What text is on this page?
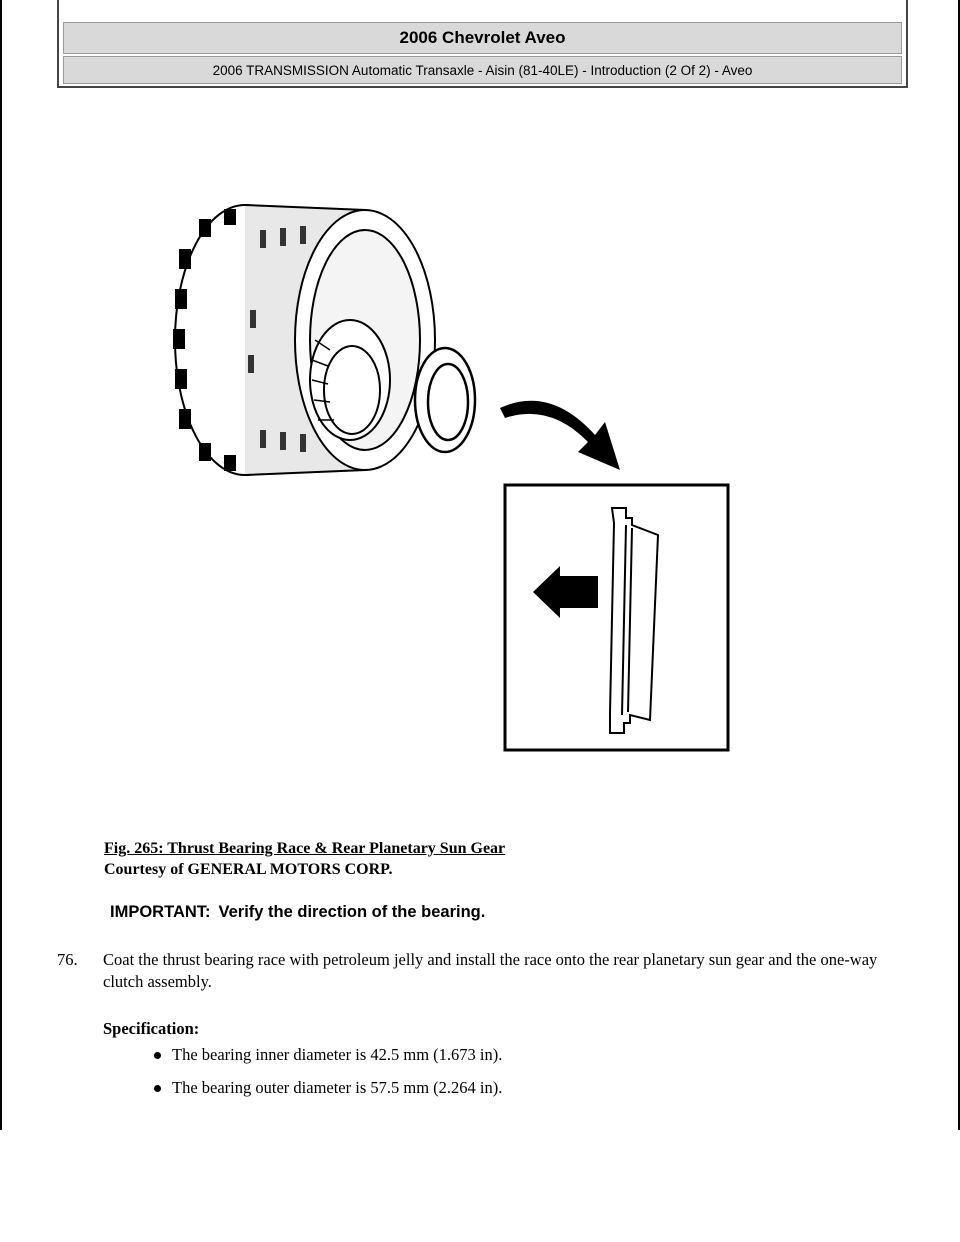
2006 Chevrolet Aveo
2006 TRANSMISSION Automatic Transaxle - Aisin (81-40LE) - Introduction (2 Of 2) - Aveo
Fig. 265: Thrust Bearing Race & Rear Planetary Sun Gear
Courtesy of GENERAL MOTORS CORP.
IMPORTANT: Verify the direction of the bearing.
76. Coat the thrust bearing race with petroleum jelly and install the race onto the rear planetary sun gear and the one-way clutch assembly.
Specification:
The bearing inner diameter is 42.5 mm (1.673 in).
The bearing outer diameter is 57.5 mm (2.264 in).
